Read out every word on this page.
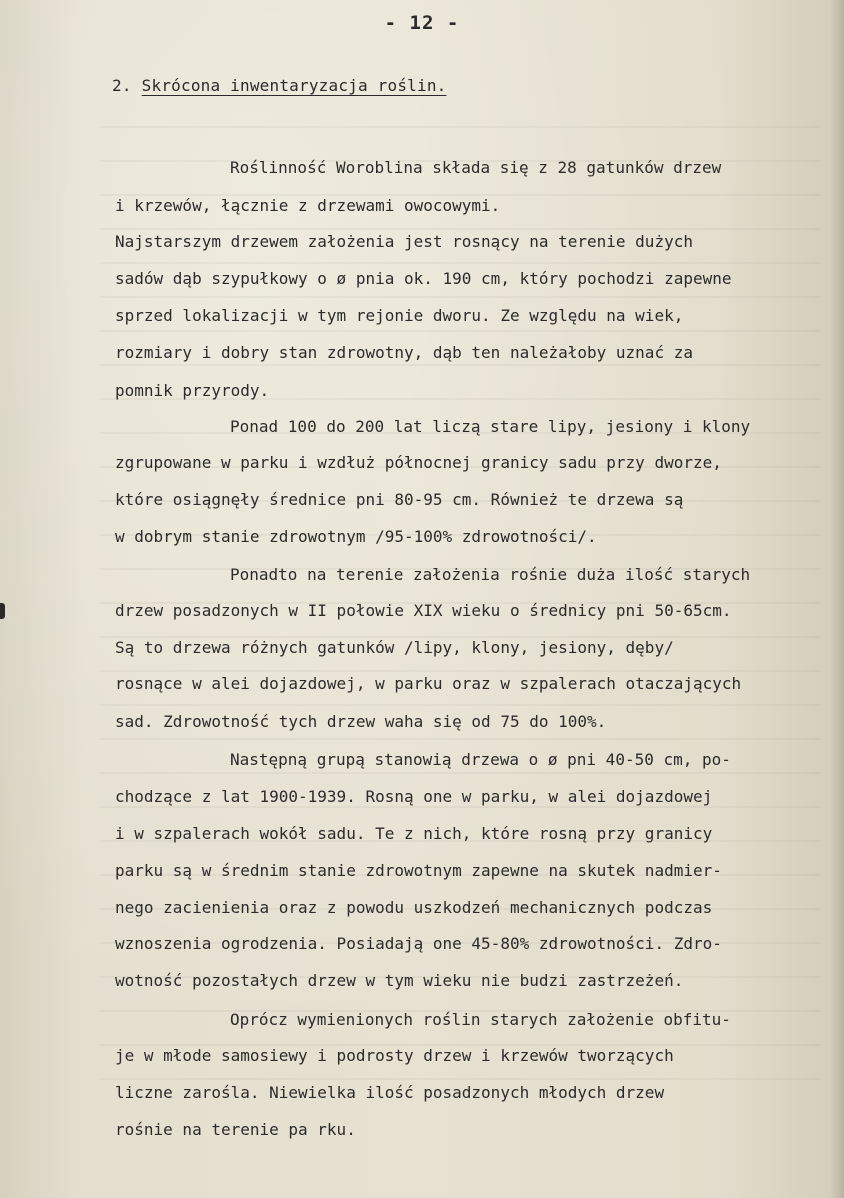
- 12 -
2. Skrócona inwentaryzacja roślin.
Roślinność Woroblina składa się z 28 gatunków drzew
i krzewów, łącznie z drzewami owocowymi.
Najstarszym drzewem założenia jest rosnący na terenie dużych
sadów dąb szypułkowy o ø pnia ok. 190 cm, który pochodzi zapewne
sprzed lokalizacji w tym rejonie dworu. Ze względu na wiek,
rozmiary i dobry stan zdrowotny, dąb ten należałoby uznać za
pomnik przyrody.
Ponad 100 do 200 lat liczą stare lipy, jesiony i klony
zgrupowane w parku i wzdłuż północnej granicy sadu przy dworze,
które osiągnęły średnice pni 80-95 cm. Również te drzewa są
w dobrym stanie zdrowotnym /95-100% zdrowotności/.
Ponadto na terenie założenia rośnie duża ilość starych
drzew posadzonych w II połowie XIX wieku o średnicy pni 50-65cm.
Są to drzewa różnych gatunków /lipy, klony, jesiony, dęby/
rosnące w alei dojazdowej, w parku oraz w szpalerach otaczających
sad. Zdrowotność tych drzew waha się od 75 do 100%.
Następną grupą stanowią drzewa o ø pni 40-50 cm, po-
chodzące z lat 1900-1939. Rosną one w parku, w alei dojazdowej
i w szpalerach wokół sadu. Te z nich, które rosną przy granicy
parku są w średnim stanie zdrowotnym zapewne na skutek nadmier-
nego zacienienia oraz z powodu uszkodzeń mechanicznych podczas
wznoszenia ogrodzenia. Posiadają one 45-80% zdrowotności. Zdro-
wotność pozostałych drzew w tym wieku nie budzi zastrzeżeń.
Oprócz wymienionych roślin starych założenie obfitu-
je w młode samosiewy i podrosty drzew i krzewów tworzących
liczne zarośla. Niewielka ilość posadzonych młodych drzew
rośnie na terenie pa rku.
